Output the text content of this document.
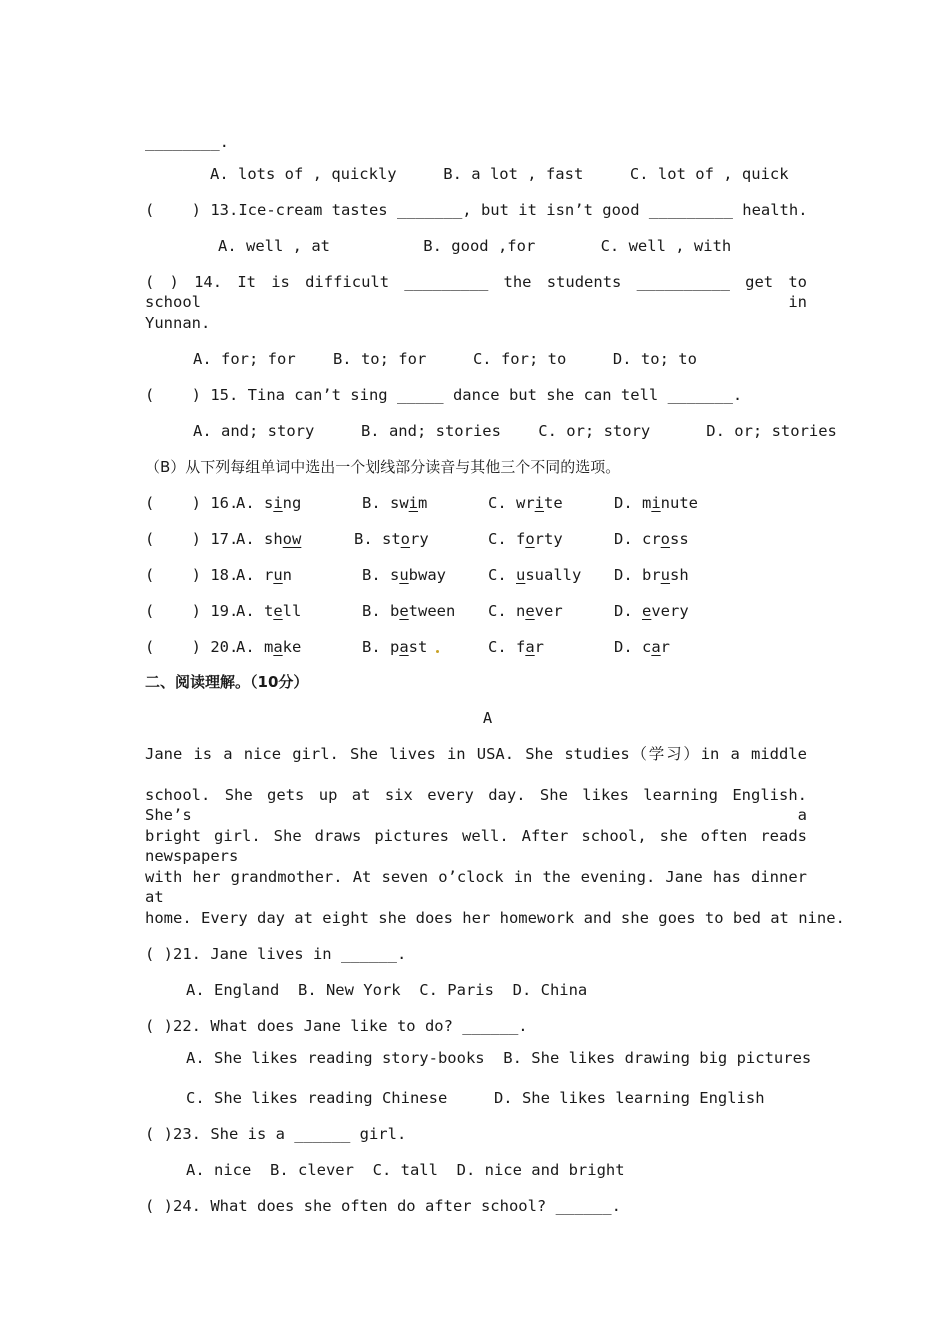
________.
A. lots of , quickly     B. a lot , fast     C. lot of , quick
(    ) 13.Ice-cream tastes _______, but it isn’t good _________ health.
A. well , at          B. good ,for       C. well , with
( ) 14. It is difficult _________ the students __________ get to school in
Yunnan.
A. for; for    B. to; for     C. for; to     D. to; to
(    ) 15. Tina can’t sing _____ dance but she can tell _______.
A. and; story     B. and; stories    C. or; story      D. or; stories
（B）从下列每组单词中选出一个划线部分读音与其他三个不同的选项。
(    ) 16.
A. sing	B. swim	C. write	D. minute
(    ) 17.
A. show	B. story	C. forty	D. cross
(    ) 18.
A. run	B. subway	C. usually	D. brush
(    ) 19.
A. tell	B. between	C. never	D. every
(    ) 20.
A. make	B. past	C. far	D. car
二、阅读理解。（10分）
A
Jane is a nice girl. She lives in USA. She studies（学习）in a middle
school. She gets up at six every day. She likes learning English. She’s a
bright girl. She draws pictures well. After school, she often reads newspapers
with her grandmother. At seven o’clock in the evening. Jane has dinner at
home. Every day at eight she does her homework and she goes to bed at nine.
( )21. Jane lives in ______.
A. England  B. New York  C. Paris  D. China
( )22. What does Jane like to do? ______.
A. She likes reading story-books  B. She likes drawing big pictures
C. She likes reading Chinese     D. She likes learning English
( )23. She is a ______ girl.
A. nice  B. clever  C. tall  D. nice and bright
( )24. What does she often do after school? ______.
